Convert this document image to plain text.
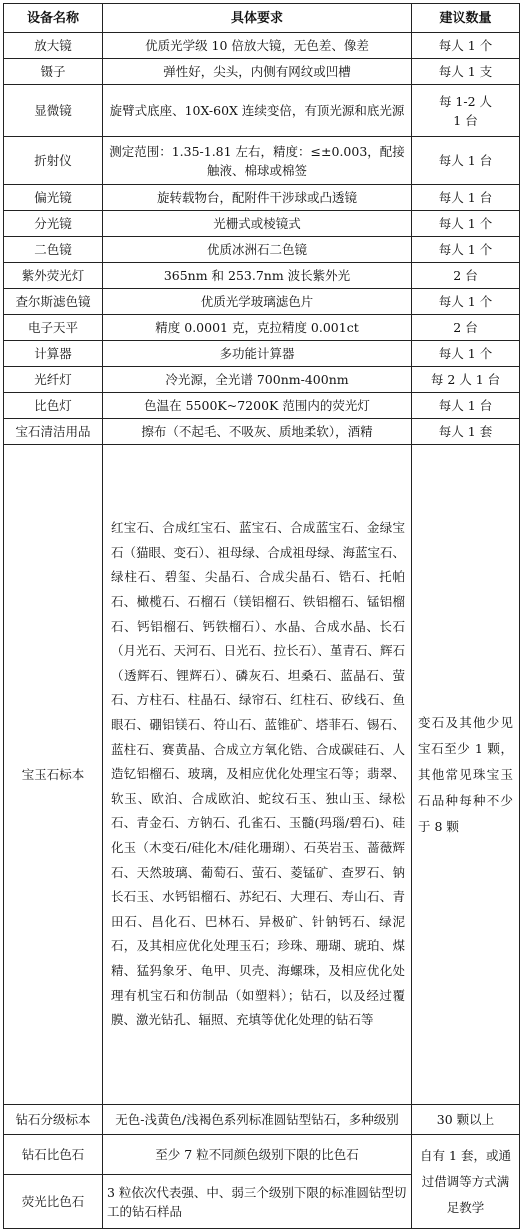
设备名称	具体要求	建议数量
放大镜	优质光学级 10 倍放大镜，无色差、像差	每人 1 个
镊子	弹性好，尖头，内侧有网纹或凹槽	每人 1 支
显微镜	旋臂式底座、10X-60X 连续变倍，有顶光源和底光源	每 1-2 人
1 台
折射仪	测定范围：1.35-1.81 左右，精度：≤±0.003，配接
触液、棉球或棉签	每人 1 台
偏光镜	旋转载物台，配附件干涉球或凸透镜	每人 1 台
分光镜	光栅式或棱镜式	每人 1 个
二色镜	优质冰洲石二色镜	每人 1 个
紫外荧光灯	365nm 和 253.7nm 波长紫外光	2 台
查尔斯滤色镜	优质光学玻璃滤色片	每人 1 个
电子天平	精度 0.0001 克，克拉精度 0.001ct	2 台
计算器	多功能计算器	每人 1 个
光纤灯	冷光源，全光谱 700nm-400nm	每 2 人 1 台
比色灯	色温在 5500K~7200K 范围内的荧光灯	每人 1 台
宝石清洁用品	擦布（不起毛、不吸灰、质地柔软），酒精	每人 1 套
宝玉石标本	红宝石、合成红宝石、蓝宝石、合成蓝宝石、金绿宝石（猫眼、变石）、祖母绿、合成祖母绿、海蓝宝石、绿柱石、碧玺、尖晶石、合成尖晶石、锆石、托帕石、橄榄石、石榴石（镁铝榴石、铁铝榴石、锰铝榴石、钙铝榴石、钙铁榴石）、水晶、合成水晶、长石（月光石、天河石、日光石、拉长石）、堇青石、辉石（透辉石、锂辉石）、磷灰石、坦桑石、蓝晶石、萤石、方柱石、柱晶石、绿帘石、红柱石、矽线石、鱼眼石、硼铝镁石、符山石、蓝锥矿、塔菲石、锡石、蓝柱石、赛黄晶、合成立方氧化锆、合成碳硅石、人造钇铝榴石、玻璃，及相应优化处理宝石等；翡翠、软玉、欧泊、合成欧泊、蛇纹石玉、独山玉、绿松石、青金石、方钠石、孔雀石、玉髓(玛瑙/碧石)、硅化玉（木变石/硅化木/硅化珊瑚）、石英岩玉、蔷薇辉石、天然玻璃、葡萄石、萤石、菱锰矿、查罗石、钠长石玉、水钙铝榴石、苏纪石、大理石、寿山石、青田石、昌化石、巴林石、异极矿、针钠钙石、绿泥石，及其相应优化处理玉石；珍珠、珊瑚、琥珀、煤精、猛犸象牙、龟甲、贝壳、海螺珠，及相应优化处理有机宝石和仿制品（如塑料）；钻石，以及经过覆膜、激光钻孔、辐照、充填等优化处理的钻石等	变石及其他少见宝石至少 1 颗，其他常见珠宝玉石品种每种不少于 8 颗
钻石分级标本	无色-浅黄色/浅褐色系列标准圆钻型钻石，多种级别	30 颗以上
钻石比色石	至少 7 粒不同颜色级别下限的比色石	自有 1 套，或通过借调等方式满足教学
荧光比色石	3 粒依次代表强、中、弱三个级别下限的标准圆钻型切工的钻石样品	
